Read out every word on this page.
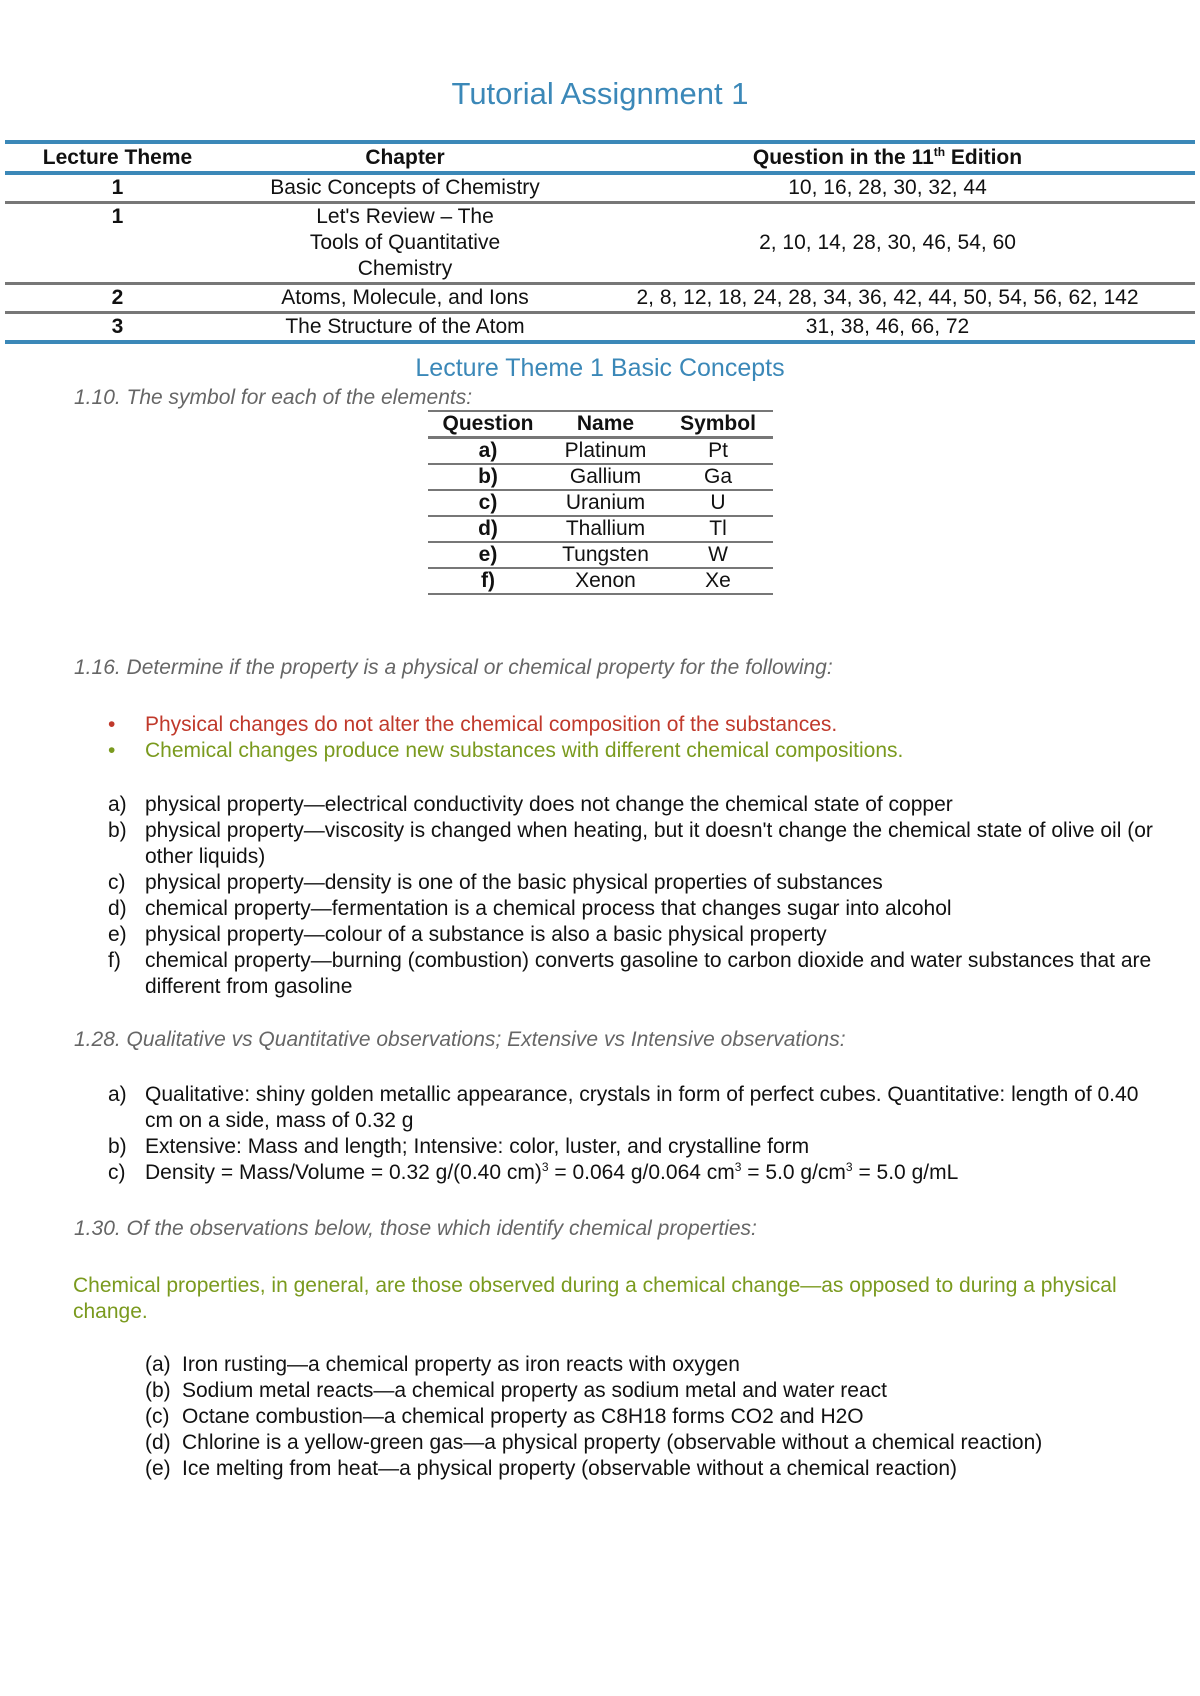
Tutorial Assignment 1
Lecture Theme	Chapter	Question in the 11th Edition
1	Basic Concepts of Chemistry	10, 16, 28, 30, 32, 44
1	Let's Review – The Tools of Quantitative Chemistry	2, 10, 14, 28, 30, 46, 54, 60
2	Atoms, Molecule, and Ions	2, 8, 12, 18, 24, 28, 34, 36, 42, 44, 50, 54, 56, 62, 142
3	The Structure of the Atom	31, 38, 46, 66, 72
Lecture Theme 1 Basic Concepts
1.10. The symbol for each of the elements:
Question	Name	Symbol
a)	Platinum	Pt
b)	Gallium	Ga
c)	Uranium	U
d)	Thallium	Tl
e)	Tungsten	W
f)	Xenon	Xe
1.16. Determine if the property is a physical or chemical property for the following:
•	Physical changes do not alter the chemical composition of the substances.
•	Chemical changes produce new substances with different chemical compositions.
a) physical property—electrical conductivity does not change the chemical state of copper
b) physical property—viscosity is changed when heating, but it doesn't change the chemical state of olive oil (or other liquids)
c) physical property—density is one of the basic physical properties of substances
d) chemical property—fermentation is a chemical process that changes sugar into alcohol
e) physical property—colour of a substance is also a basic physical property
f)	chemical property—burning (combustion) converts gasoline to carbon dioxide and water substances that are different from gasoline
1.28. Qualitative vs Quantitative observations; Extensive vs Intensive observations:
a) Qualitative: shiny golden metallic appearance, crystals in form of perfect cubes. Quantitative: length of 0.40 cm on a side, mass of 0.32 g
b) Extensive: Mass and length; Intensive: color, luster, and crystalline form
c) Density = Mass/Volume = 0.32 g/(0.40 cm)$^3$ = 0.064 g/0.064 $cm^3 = 5.0$ $g/cm^3 = 5.0$ g/mL
1.30. Of the observations below, those which identify chemical properties:
Chemical properties, in general, are those observed during a chemical change—as opposed to during a physical change.
(a) Iron rusting—a chemical property as iron reacts with oxygen
(b) Sodium metal reacts—a chemical property as sodium metal and water react
(c) Octane combustion—a chemical property as C8H18 forms CO2 and H2O
(d) Chlorine is a yellow-green gas—a physical property (observable without a chemical reaction)
(e) Ice melting from heat—a physical property (observable without a chemical reaction)
